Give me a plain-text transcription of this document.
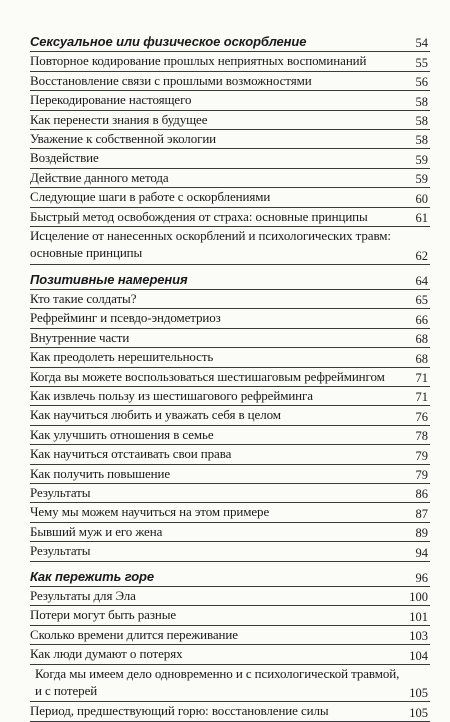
Сексуальное или физическое оскорбление	54
Повторное кодирование прошлых неприятных воспоминаний	55
Восстановление связи с прошлыми возможностями	56
Перекодирование настоящего	58
Как перенести знания в будущее	58
Уважение к собственной экологии	58
Воздействие	59
Действие данного метода	59
Следующие шаги в работе с оскорблениями	60
Быстрый метод освобождения от страха: основные принципы	61
Исцеление от нанесенных оскорблений и психологических травм: основные принципы	62
Позитивные намерения	64
Кто такие солдаты?	65
Рефрейминг и псевдо-эндометриоз	66
Внутренние части	68
Как преодолеть нерешительность	68
Когда вы можете воспользоваться шестишаговым рефреймингом	71
Как извлечь пользу из шестишагового рефрейминга	71
Как научиться любить и уважать себя в целом	76
Как улучшить отношения в семье	78
Как научиться отстаивать свои права	79
Как получить повышение	79
Результаты	86
Чему мы можем научиться на этом примере	87
Бывший муж и его жена	89
Результаты	94
Как пережить горе	96
Результаты для Эла	100
Потери могут быть разные	101
Сколько времени длится переживание	103
Как люди думают о потерях	104
Когда мы имеем дело одновременно и с психологической травмой, и с потерей	105
Период, предшествующий горю: восстановление силы	105
